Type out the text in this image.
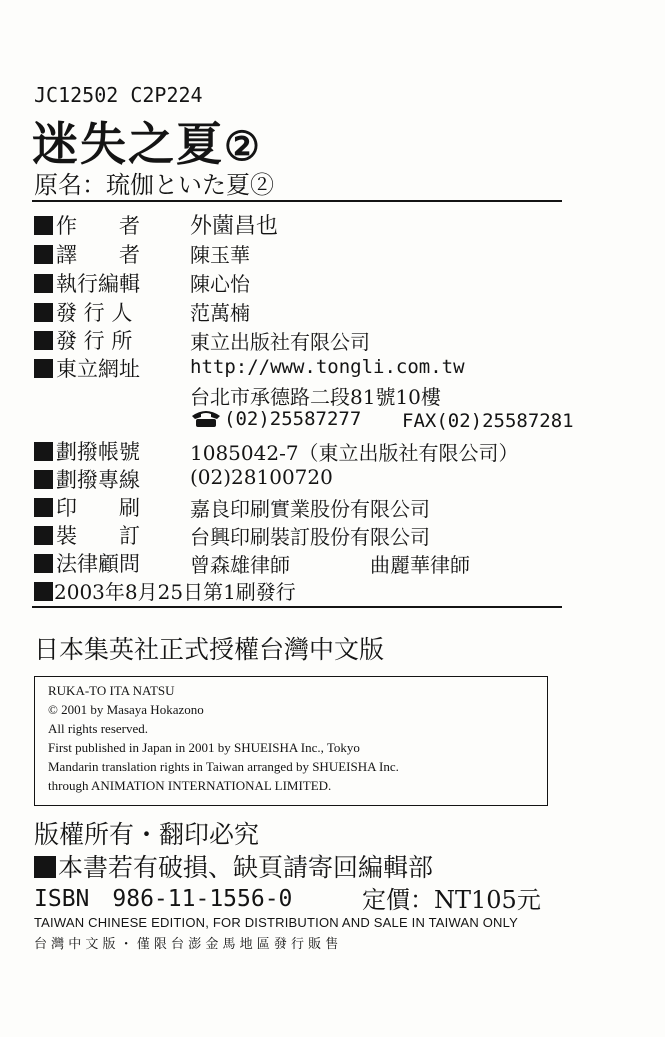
JC12502 C2P224
迷失之夏②
原名：琉伽といた夏②
作　　者 外薗昌也
譯　　者	陳玉華
執行編輯	陳心怡
發 行 人	范萬楠
發 行 所	東立出版社有限公司
東立網址	http://www.tongli.com.tw
台北市承德路二段81號10樓
(02)25587277 FAX(02)25587281
劃撥帳號	1085042-7（東立出版社有限公司）
劃撥專線	(02)28100720
印　　刷	嘉良印刷實業股份有限公司
裝　　訂	台興印刷裝訂股份有限公司
法律顧問	曾森雄律師	曲麗華律師
2003年8月25日第1刷發行
日本集英社正式授權台灣中文版
RUKA-TO ITA NATSU
© 2001 by Masaya Hokazono
All rights reserved.
First published in Japan in 2001 by SHUEISHA Inc., Tokyo
Mandarin translation rights in Taiwan arranged by SHUEISHA Inc.
through ANIMATION INTERNATIONAL LIMITED.
版權所有・翻印必究
本書若有破損、缺頁請寄回編輯部
ISBN　986-11-1556-0	定價：NT105元
TAIWAN CHINESE EDITION, FOR DISTRIBUTION AND SALE IN TAIWAN ONLY
台 灣 中 文 版 ・ 僅 限 台 澎 金 馬 地 區 發 行 販 售
